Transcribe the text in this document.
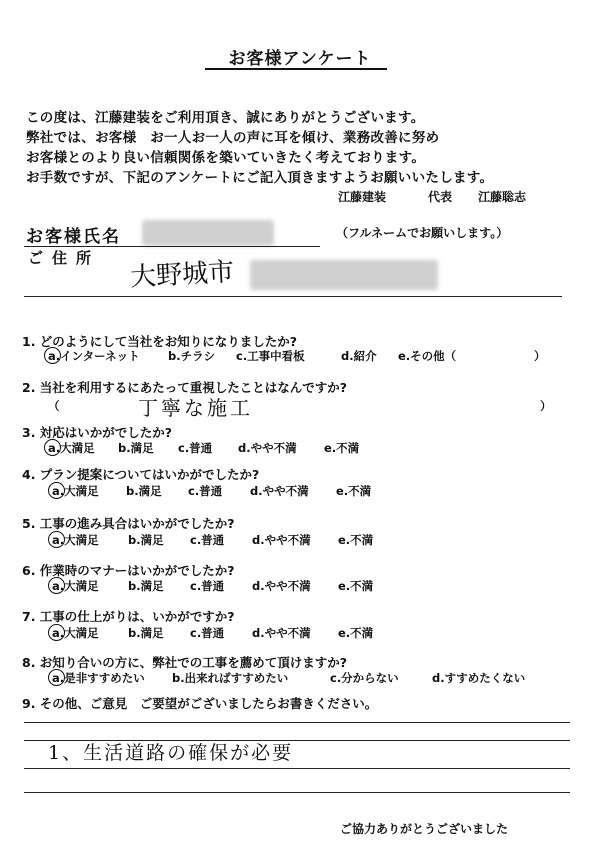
お客様アンケート
この度は、江藤建装をご利用頂き、誠にありがとうございます。
弊社では、お客様　お一人お一人の声に耳を傾け、業務改善に努め
お客様とのより良い信頼関係を築いていきたく考えております。
お手数ですが、下記のアンケートにご記入頂きますようお願いいたします。
江藤建装	代表 江藤聡志
お客様氏名	（フルネームでお願いします。）
ご住所 大野城市
1. どのようにして当社をお知りになりましたか?
a.インターネット b.チラシ c.工事中看板	d.紹介 e.その他（	）
2. 当社を利用するにあたって重視したことはなんですか?
（	丁寧な施工	）
3. 対応はいかがでしたか?
a.大満足 b.満足 c.普通 d.やや不満 e.不満
4. プラン提案についてはいかがでしたか?
a.大満足 b.満足 c.普通 d.やや不満 e.不満
5. 工事の進み具合はいかがでしたか?
a.大満足	b.満足 c.普通 d.やや不満 e.不満
6. 作業時のマナーはいかがでしたか?
a.大満足	b.満足 c.普通 d.やや不満 e.不満
7. 工事の仕上がりは、いかがですか?
a.大満足	b.満足 c.普通 d.やや不満 e.不満
8. お知り合いの方に、弊社での工事を薦めて頂けますか?
a.是非すすめたい b.出来ればすすめたい	c.分からない	d.すすめたくない
9. その他、ご意見　ご要望がございましたらお書きください。
1、生活道路の確保が必要
ご協力ありがとうございました
